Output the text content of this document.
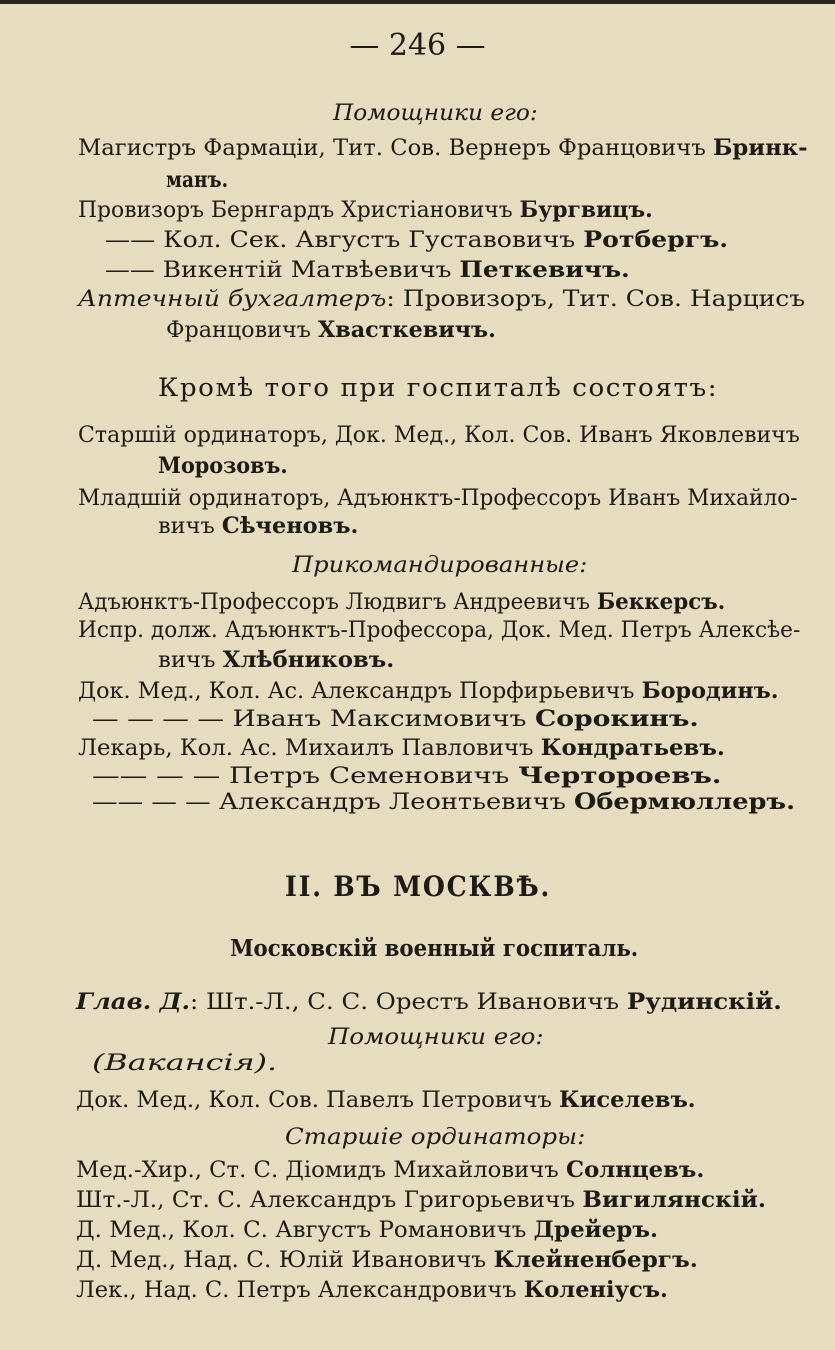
— 246 —
Помощники его:
Магистръ Фармаціи, Тит. Сов. Вернеръ Францовичъ Бринк-
манъ.
Провизоръ Бернгардъ Христіановичъ Бургвицъ.
—— Кол. Сек. Августъ Густавовичъ Ротбергъ.
—— Викентій Матвѣевичъ Петкевичъ.
Аптечный бухгалтеръ: Провизоръ, Тит. Сов. Нарцисъ
Францовичъ Хвасткевичъ.
Кромѣ того при госпиталѣ состоятъ:
Старшій ординаторъ, Док. Мед., Кол. Сов. Иванъ Яковлевичъ
Морозовъ.
Младшій ординаторъ, Адъюнктъ-Профессоръ Иванъ Михайло-
вичъ Сѣченовъ.
Прикомандированные:
Адъюнктъ-Профессоръ Людвигъ Андреевичъ Беккерсъ.
Испр. долж. Адъюнктъ-Профессора, Док. Мед. Петръ Алексѣе-
вичъ Хлѣбниковъ.
Док. Мед., Кол. Ас. Александръ Порфирьевичъ Бородинъ.
— — — — Иванъ Максимовичъ Сорокинъ.
Лекарь, Кол. Ас. Михаилъ Павловичъ Кондратьевъ.
—— — — Петръ Семеновичъ Чертороевъ.
—— — — Александръ Леонтьевичъ Обермюллеръ.
II. ВЪ МОСКВѢ.
Московскій военный госпиталь.
Глав. Д.: Шт.-Л., С. С. Орестъ Ивановичъ Рудинскій.
Помощники его:
(Вакансія).
Док. Мед., Кол. Сов. Павелъ Петровичъ Киселевъ.
Старшіе ординаторы:
Мед.-Хир., Ст. С. Діомидъ Михайловичъ Солнцевъ.
Шт.-Л., Ст. С. Александръ Григорьевичъ Вигилянскій.
Д. Мед., Кол. С. Августъ Романовичъ Дрейеръ.
Д. Мед., Над. С. Юлій Ивановичъ Клейненбергъ.
Лек., Над. С. Петръ Александровичъ Коленіусъ.
